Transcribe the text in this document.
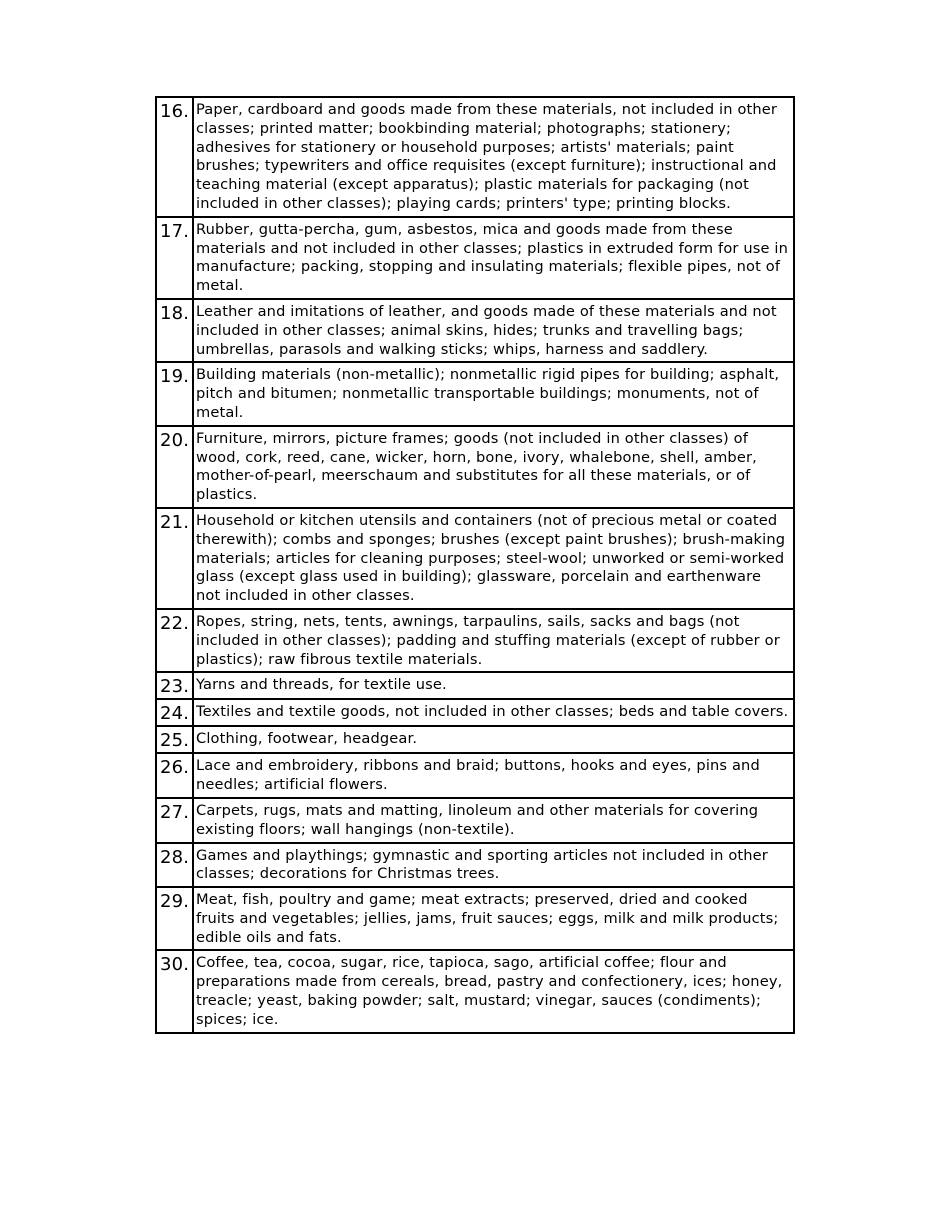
16.	Paper, cardboard and goods made from these materials, not included in other classes; printed matter; bookbinding material; photographs; stationery; adhesives for stationery or household purposes; artists' materials; paint brushes; typewriters and office requisites (except furniture); instructional and teaching material (except apparatus); plastic materials for packaging (not included in other classes); playing cards; printers' type; printing blocks.
17.	Rubber, gutta-percha, gum, asbestos, mica and goods made from these materials and not included in other classes; plastics in extruded form for use in manufacture; packing, stopping and insulating materials; flexible pipes, not of metal.
18.	Leather and imitations of leather, and goods made of these materials and not included in other classes; animal skins, hides; trunks and travelling bags; umbrellas, parasols and walking sticks; whips, harness and saddlery.
19.	Building materials (non-metallic); nonmetallic rigid pipes for building; asphalt, pitch and bitumen; nonmetallic transportable buildings; monuments, not of metal.
20.	Furniture, mirrors, picture frames; goods (not included in other classes) of wood, cork, reed, cane, wicker, horn, bone, ivory, whalebone, shell, amber, mother-of-pearl, meerschaum and substitutes for all these materials, or of plastics.
21.	Household or kitchen utensils and containers (not of precious metal or coated therewith); combs and sponges; brushes (except paint brushes); brush-making materials; articles for cleaning purposes; steel-wool; unworked or semi-worked glass (except glass used in building); glassware, porcelain and earthenware not included in other classes.
22.	Ropes, string, nets, tents, awnings, tarpaulins, sails, sacks and bags (not included in other classes); padding and stuffing materials (except of rubber or plastics); raw fibrous textile materials.
23.	Yarns and threads, for textile use.
24.	Textiles and textile goods, not included in other classes; beds and table covers.
25.	Clothing, footwear, headgear.
26.	Lace and embroidery, ribbons and braid; buttons, hooks and eyes, pins and needles; artificial flowers.
27.	Carpets, rugs, mats and matting, linoleum and other materials for covering existing floors; wall hangings (non-textile).
28.	Games and playthings; gymnastic and sporting articles not included in other classes; decorations for Christmas trees.
29.	Meat, fish, poultry and game; meat extracts; preserved, dried and cooked fruits and vegetables; jellies, jams, fruit sauces; eggs, milk and milk products; edible oils and fats.
30.	Coffee, tea, cocoa, sugar, rice, tapioca, sago, artificial coffee; flour and preparations made from cereals, bread, pastry and confectionery, ices; honey, treacle; yeast, baking powder; salt, mustard; vinegar, sauces (condiments); spices; ice.
